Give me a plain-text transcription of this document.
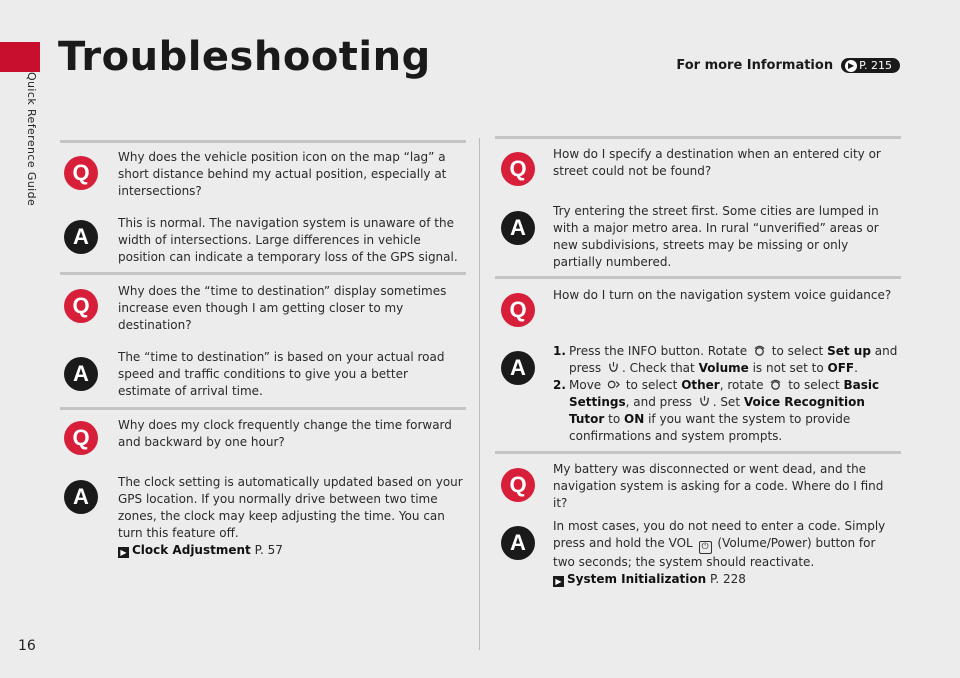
Quick Reference Guide
16
Troubleshooting	For more Information	▶ P. 215
Q
Why does the vehicle position icon on the map “lag” a short distance behind my actual position, especially at intersections?
A
This is normal. The navigation system is unaware of the width of intersections. Large differences in vehicle position can indicate a temporary loss of the GPS signal.
Q
Why does the “time to destination” display sometimes increase even though I am getting closer to my destination?
A
The “time to destination” is based on your actual road speed and traffic conditions to give you a better estimate of arrival time.
Q	Why does my clock frequently change the time forward and backward by one hour?
A
The clock setting is automatically updated based on your GPS location. If you normally drive between two time zones, the clock may keep adjusting the time. You can turn this feature off.
▶ Clock Adjustment P. 57
Q
How do I specify a destination when an entered city or street could not be found?
A
Try entering the street first. Some cities are lumped in with a major metro area. In rural “unverified” areas or new subdivisions, streets may be missing or only partially numbered.
Q
How do I turn on the navigation system voice guidance?
A
1. Press the INFO button. Rotate to select Set up and press . Check that Volume is not set to OFF.
2. Move to select Other, rotate to select Basic Settings, and press . Set Voice Recognition Tutor to ON if you want the system to provide confirmations and system prompts.
Q
My battery was disconnected or went dead, and the navigation system is asking for a code. Where do I find it?
A
In most cases, you do not need to enter a code. Simply press and hold the VOL ⏻ (Volume/Power) button for two seconds; the system should reactivate.
▶ System Initialization P. 228
